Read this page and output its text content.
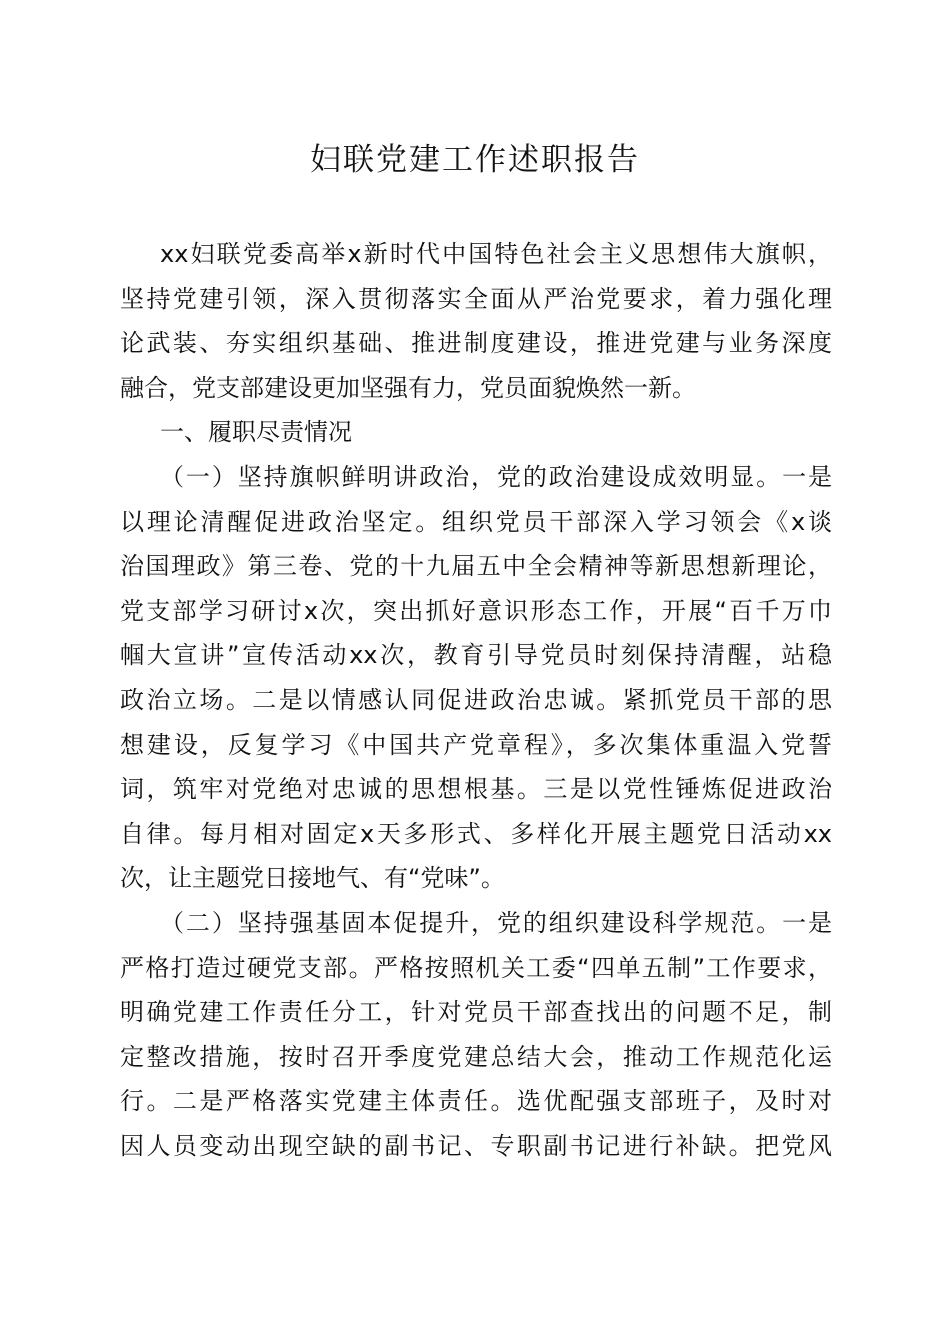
妇联党建工作述职报告
xx妇联党委高举x新时代中国特色社会主义思想伟大旗帜，
坚持党建引领，深入贯彻落实全面从严治党要求，着力强化理
论武装、夯实组织基础、推进制度建设，推进党建与业务深度
融合，党支部建设更加坚强有力，党员面貌焕然一新。
一、履职尽责情况
（一）坚持旗帜鲜明讲政治，党的政治建设成效明显。一是
以理论清醒促进政治坚定。组织党员干部深入学习领会《x谈
治国理政》第三卷、党的十九届五中全会精神等新思想新理论，
党支部学习研讨x次，突出抓好意识形态工作，开展“百千万巾
帼大宣讲”宣传活动xx次，教育引导党员时刻保持清醒，站稳
政治立场。二是以情感认同促进政治忠诚。紧抓党员干部的思
想建设，反复学习《中国共产党章程》，多次集体重温入党誓
词，筑牢对党绝对忠诚的思想根基。三是以党性锤炼促进政治
自律。每月相对固定x天多形式、多样化开展主题党日活动xx
次，让主题党日接地气、有“党味”。
（二）坚持强基固本促提升，党的组织建设科学规范。一是
严格打造过硬党支部。严格按照机关工委“四单五制”工作要求，
明确党建工作责任分工，针对党员干部查找出的问题不足，制
定整改措施，按时召开季度党建总结大会，推动工作规范化运
行。二是严格落实党建主体责任。选优配强支部班子，及时对
因人员变动出现空缺的副书记、专职副书记进行补缺。把党风
